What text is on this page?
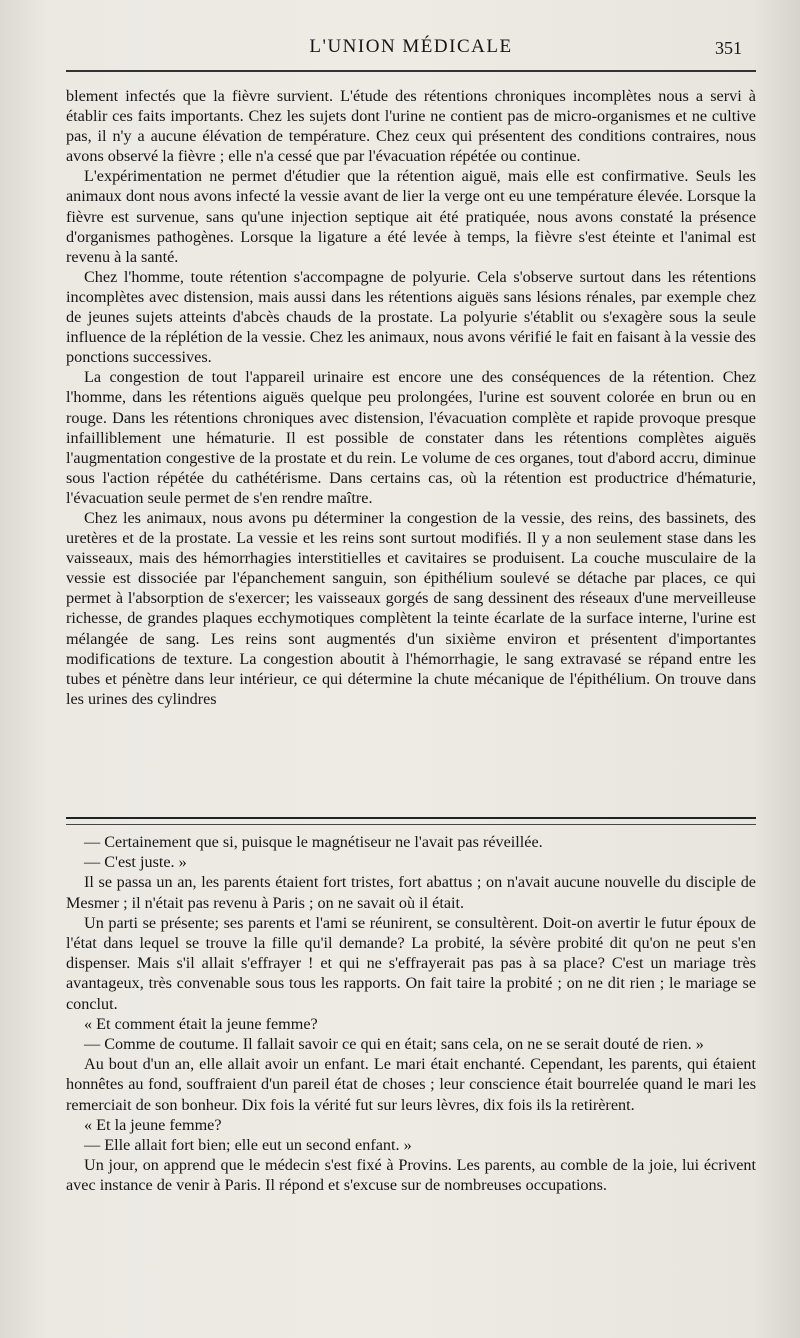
L'UNION MÉDICALE	351

blement infectés que la fièvre survient. L'étude des rétentions chroniques incomplètes nous a servi à établir ces faits importants. Chez les sujets dont l'urine ne contient pas de micro-organismes et ne cultive pas, il n'y a aucune élévation de température. Chez ceux qui présentent des conditions contraires, nous avons observé la fièvre ; elle n'a cessé que par l'évacuation répétée ou continue.

L'expérimentation ne permet d'étudier que la rétention aiguë, mais elle est confirmative. Seuls les animaux dont nous avons infecté la vessie avant de lier la verge ont eu une température élevée. Lorsque la fièvre est survenue, sans qu'une injection septique ait été pratiquée, nous avons constaté la présence d'organismes pathogènes. Lorsque la ligature a été levée à temps, la fièvre s'est éteinte et l'animal est revenu à la santé.

Chez l'homme, toute rétention s'accompagne de polyurie. Cela s'observe surtout dans les rétentions incomplètes avec distension, mais aussi dans les rétentions aiguës sans lésions rénales, par exemple chez de jeunes sujets atteints d'abcès chauds de la prostate. La polyurie s'établit ou s'exagère sous la seule influence de la réplétion de la vessie. Chez les animaux, nous avons vérifié le fait en faisant à la vessie des ponctions successives.

La congestion de tout l'appareil urinaire est encore une des conséquences de la rétention. Chez l'homme, dans les rétentions aiguës quelque peu prolongées, l'urine est souvent colorée en brun ou en rouge. Dans les rétentions chroniques avec distension, l'évacuation complète et rapide provoque presque infailliblement une hématurie. Il est possible de constater dans les rétentions complètes aiguës l'augmentation congestive de la prostate et du rein. Le volume de ces organes, tout d'abord accru, diminue sous l'action répétée du cathétérisme. Dans certains cas, où la rétention est productrice d'hématurie, l'évacuation seule permet de s'en rendre maître.

Chez les animaux, nous avons pu déterminer la congestion de la vessie, des reins, des bassinets, des uretères et de la prostate. La vessie et les reins sont surtout modifiés. Il y a non seulement stase dans les vaisseaux, mais des hémorrhagies interstitielles et cavitaires se produisent. La couche musculaire de la vessie est dissociée par l'épanchement sanguin, son épithélium soulevé se détache par places, ce qui permet à l'absorption de s'exercer; les vaisseaux gorgés de sang dessinent des réseaux d'une merveilleuse richesse, de grandes plaques ecchymotiques complètent la teinte écarlate de la surface interne, l'urine est mélangée de sang. Les reins sont augmentés d'un sixième environ et présentent d'importantes modifications de texture. La congestion aboutit à l'hémorrhagie, le sang extravasé se répand entre les tubes et pénètre dans leur intérieur, ce qui détermine la chute mécanique de l'épithélium. On trouve dans les urines des cylindres

— Certainement que si, puisque le magnétiseur ne l'avait pas réveillée.

— C'est juste. »

Il se passa un an, les parents étaient fort tristes, fort abattus ; on n'avait aucune nouvelle du disciple de Mesmer ; il n'était pas revenu à Paris ; on ne savait où il était.

Un parti se présente; ses parents et l'ami se réunirent, se consultèrent. Doit-on avertir le futur époux de l'état dans lequel se trouve la fille qu'il demande? La probité, la sévère probité dit qu'on ne peut s'en dispenser. Mais s'il allait s'effrayer ! et qui ne s'effrayerait pas pas à sa place? C'est un mariage très avantageux, très convenable sous tous les rapports. On fait taire la probité ; on ne dit rien ; le mariage se conclut.

« Et comment était la jeune femme?

— Comme de coutume. Il fallait savoir ce qui en était; sans cela, on ne se serait douté de rien. »

Au bout d'un an, elle allait avoir un enfant. Le mari était enchanté. Cependant, les parents, qui étaient honnêtes au fond, souffraient d'un pareil état de choses ; leur conscience était bourrelée quand le mari les remerciait de son bonheur. Dix fois la vérité fut sur leurs lèvres, dix fois ils la retirèrent.

« Et la jeune femme?

— Elle allait fort bien; elle eut un second enfant. »

Un jour, on apprend que le médecin s'est fixé à Provins. Les parents, au comble de la joie, lui écrivent avec instance de venir à Paris. Il répond et s'excuse sur de nombreuses occupations.
